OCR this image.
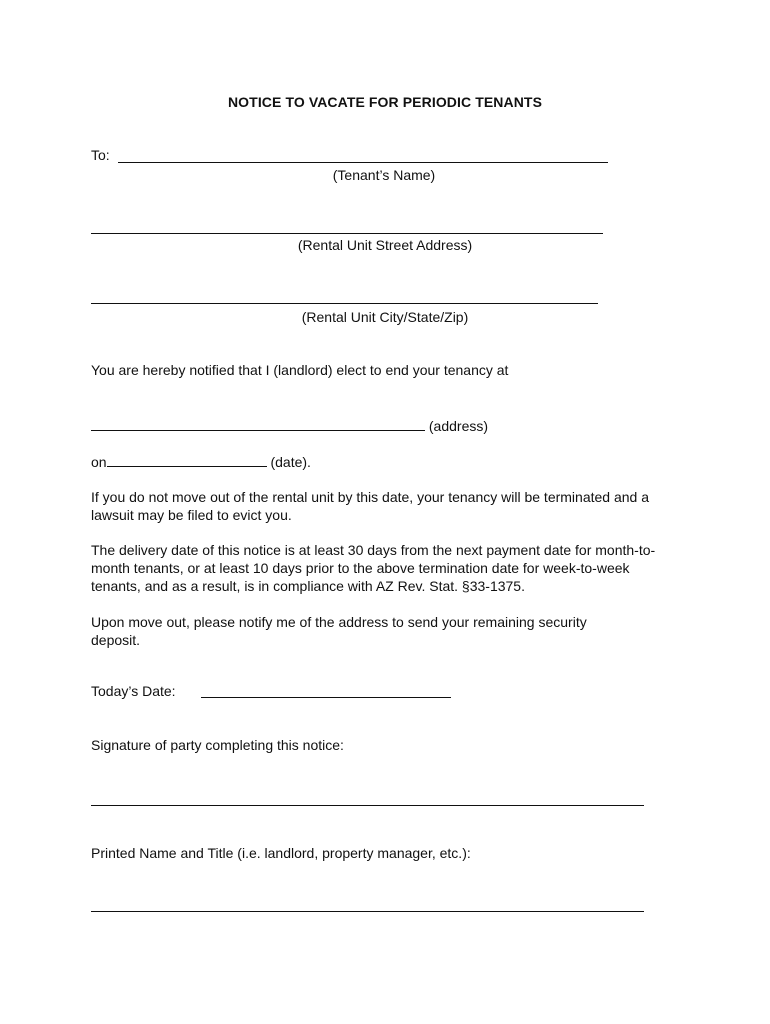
NOTICE TO VACATE FOR PERIODIC TENANTS
To:
(Tenant’s Name)
(Rental Unit Street Address)
(Rental Unit City/State/Zip)
You are hereby notified that I (landlord) elect to end your tenancy at
(address)
on	(date).
If you do not move out of the rental unit by this date, your tenancy will be terminated and a lawsuit may be filed to evict you.
The delivery date of this notice is at least 30 days from the next payment date for month-to-month tenants, or at least 10 days prior to the above termination date for week-to-week tenants, and as a result, is in compliance with AZ Rev. Stat. §33-1375.
Upon move out, please notify me of the address to send your remaining security deposit.
Today’s Date:
Signature of party completing this notice:
Printed Name and Title (i.e. landlord, property manager, etc.):
